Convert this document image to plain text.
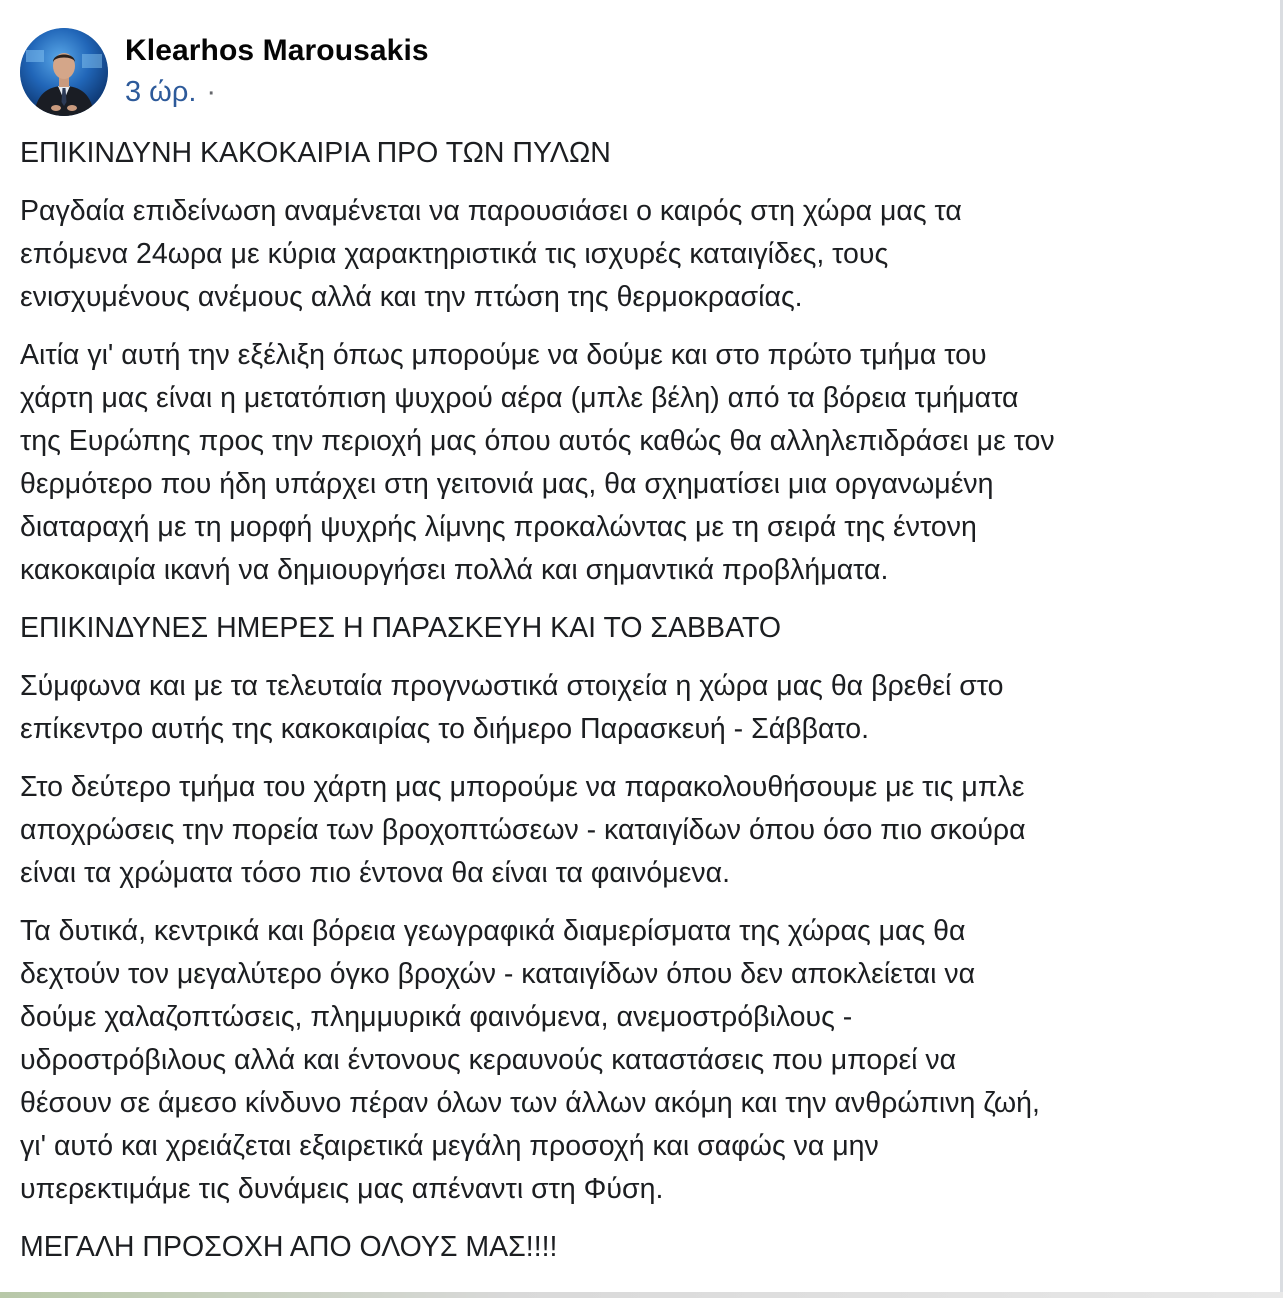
Klearhos Marousakis
3 ώρ. ·

ΕΠΙΚΙΝΔΥΝΗ ΚΑΚΟΚΑΙΡΙΑ ΠΡΟ ΤΩΝ ΠΥΛΩΝ

Ραγδαία επιδείνωση αναμένεται να παρουσιάσει ο καιρός στη χώρα μας τα
επόμενα 24ωρα με κύρια χαρακτηριστικά τις ισχυρές καταιγίδες, τους
ενισχυμένους ανέμους αλλά και την πτώση της θερμοκρασίας.

Αιτία γι' αυτή την εξέλιξη όπως μπορούμε να δούμε και στο πρώτο τμήμα του
χάρτη μας είναι η μετατόπιση ψυχρού αέρα (μπλε βέλη) από τα βόρεια τμήματα
της Ευρώπης προς την περιοχή μας όπου αυτός καθώς θα αλληλεπιδράσει με τον
θερμότερο που ήδη υπάρχει στη γειτονιά μας, θα σχηματίσει μια οργανωμένη
διαταραχή με τη μορφή ψυχρής λίμνης προκαλώντας με τη σειρά της έντονη
κακοκαιρία ικανή να δημιουργήσει πολλά και σημαντικά προβλήματα.

ΕΠΙΚΙΝΔΥΝΕΣ ΗΜΕΡΕΣ Η ΠΑΡΑΣΚΕΥΗ ΚΑΙ ΤΟ ΣΑΒΒΑΤΟ

Σύμφωνα και με τα τελευταία προγνωστικά στοιχεία η χώρα μας θα βρεθεί στο
επίκεντρο αυτής της κακοκαιρίας το διήμερο Παρασκευή - Σάββατο.

Στο δεύτερο τμήμα του χάρτη μας μπορούμε να παρακολουθήσουμε με τις μπλε
αποχρώσεις την πορεία των βροχοπτώσεων - καταιγίδων όπου όσο πιο σκούρα
είναι τα χρώματα τόσο πιο έντονα θα είναι τα φαινόμενα.

Τα δυτικά, κεντρικά και βόρεια γεωγραφικά διαμερίσματα της χώρας μας θα
δεχτούν τον μεγαλύτερο όγκο βροχών - καταιγίδων όπου δεν αποκλείεται να
δούμε χαλαζοπτώσεις, πλημμυρικά φαινόμενα, ανεμοστρόβιλους -
υδροστρόβιλους αλλά και έντονους κεραυνούς καταστάσεις που μπορεί να
θέσουν σε άμεσο κίνδυνο πέραν όλων των άλλων ακόμη και την ανθρώπινη ζωή,
γι' αυτό και χρειάζεται εξαιρετικά μεγάλη προσοχή και σαφώς να μην
υπερεκτιμάμε τις δυνάμεις μας απέναντι στη Φύση.

ΜΕΓΑΛΗ ΠΡΟΣΟΧΗ ΑΠΟ ΟΛΟΥΣ ΜΑΣ!!!!
